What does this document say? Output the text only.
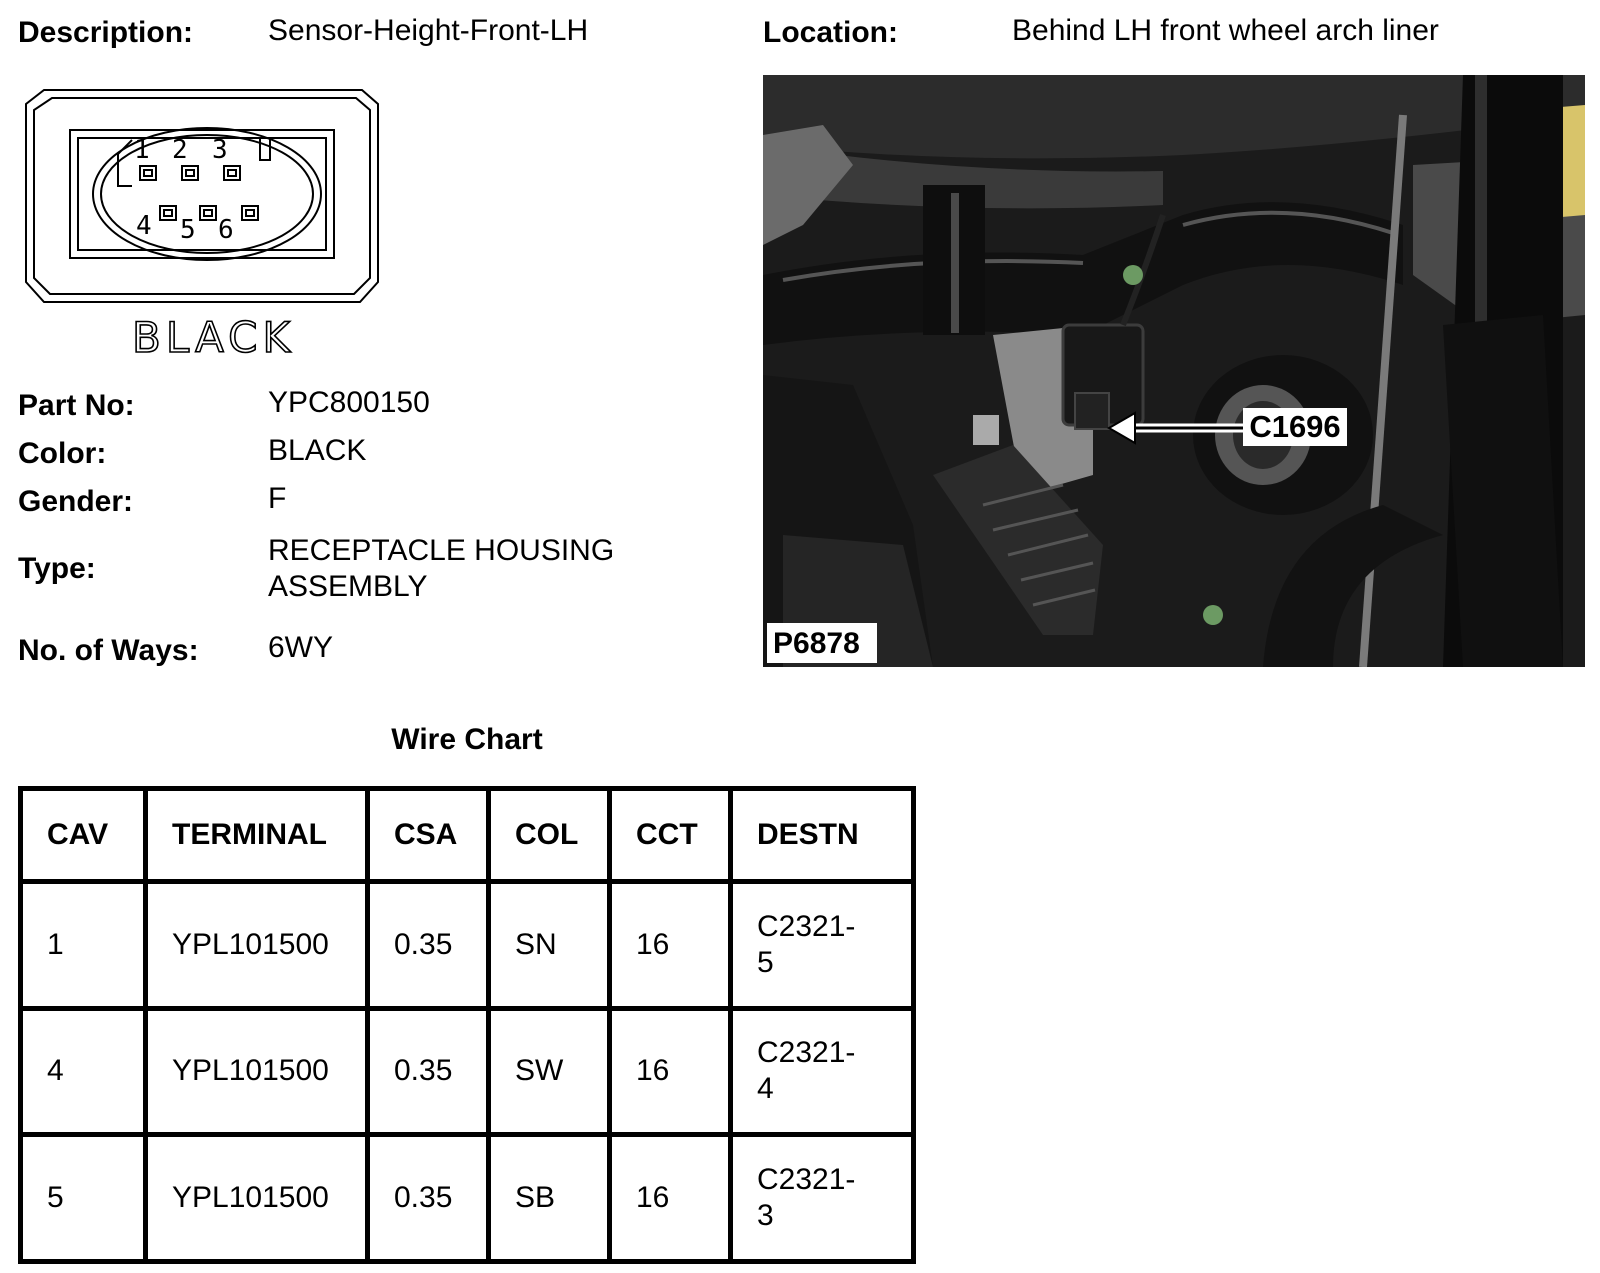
Description: Sensor-Height-Front-LH	Location:	Behind LH front wheel arch liner
1 2 3
4 5 6
BLACK
Part No:	YPC800150
Color:	BLACK
Gender:	F
Type:
RECEPTACLE HOUSING
ASSEMBLY
No. of Ways: 6WY
C1696
P6878
Wire Chart
CAV	TERMINAL	CSA	COL	CCT	DESTN
1	YPL101500	0.35	SN	16	C2321-
5

4	YPL101500	0.35	SW	16	C2321-
4

5	YPL101500	0.35	SB	16	C2321-
3
